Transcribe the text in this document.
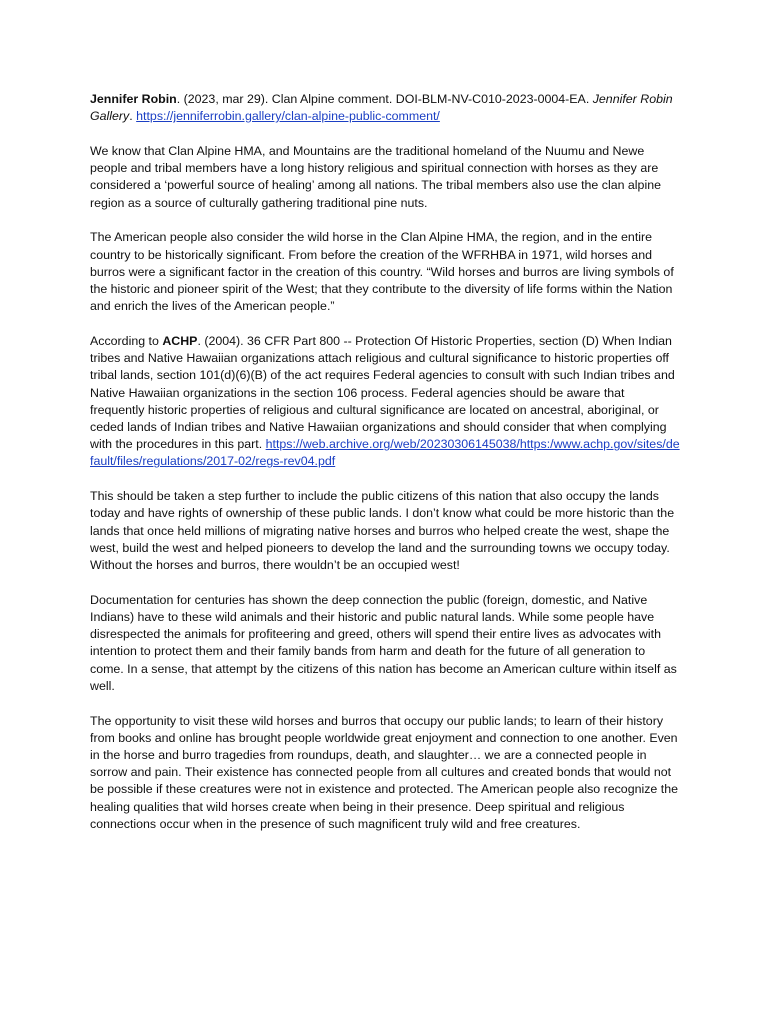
Jennifer Robin. (2023, mar 29). Clan Alpine comment. DOI-BLM-NV-C010-2023-0004-EA. Jennifer Robin Gallery. https://jenniferrobin.gallery/clan-alpine-public-comment/

We know that Clan Alpine HMA, and Mountains are the traditional homeland of the Nuumu and Newe people and tribal members have a long history religious and spiritual connection with horses as they are considered a ‘powerful source of healing’ among all nations. The tribal members also use the clan alpine region as a source of culturally gathering traditional pine nuts.

The American people also consider the wild horse in the Clan Alpine HMA, the region, and in the entire country to be historically significant. From before the creation of the WFRHBA in 1971, wild horses and burros were a significant factor in the creation of this country. “Wild horses and burros are living symbols of the historic and pioneer spirit of the West; that they contribute to the diversity of life forms within the Nation and enrich the lives of the American people.”

According to ACHP. (2004). 36 CFR Part 800 -- Protection Of Historic Properties, section (D) When Indian tribes and Native Hawaiian organizations attach religious and cultural significance to historic properties off tribal lands, section 101(d)(6)(B) of the act requires Federal agencies to consult with such Indian tribes and Native Hawaiian organizations in the section 106 process. Federal agencies should be aware that frequently historic properties of religious and cultural significance are located on ancestral, aboriginal, or ceded lands of Indian tribes and Native Hawaiian organizations and should consider that when complying with the procedures in this part. https://web.archive.org/web/20230306145038/https:/www.achp.gov/sites/default/files/regulations/2017-02/regs-rev04.pdf

This should be taken a step further to include the public citizens of this nation that also occupy the lands today and have rights of ownership of these public lands. I don’t know what could be more historic than the lands that once held millions of migrating native horses and burros who helped create the west, shape the west, build the west and helped pioneers to develop the land and the surrounding towns we occupy today. Without the horses and burros, there wouldn’t be an occupied west!

Documentation for centuries has shown the deep connection the public (foreign, domestic, and Native Indians) have to these wild animals and their historic and public natural lands. While some people have disrespected the animals for profiteering and greed, others will spend their entire lives as advocates with intention to protect them and their family bands from harm and death for the future of all generation to come. In a sense, that attempt by the citizens of this nation has become an American culture within itself as well.

The opportunity to visit these wild horses and burros that occupy our public lands; to learn of their history from books and online has brought people worldwide great enjoyment and connection to one another. Even in the horse and burro tragedies from roundups, death, and slaughter… we are a connected people in sorrow and pain. Their existence has connected people from all cultures and created bonds that would not be possible if these creatures were not in existence and protected. The American people also recognize the healing qualities that wild horses create when being in their presence. Deep spiritual and religious connections occur when in the presence of such magnificent truly wild and free creatures.
